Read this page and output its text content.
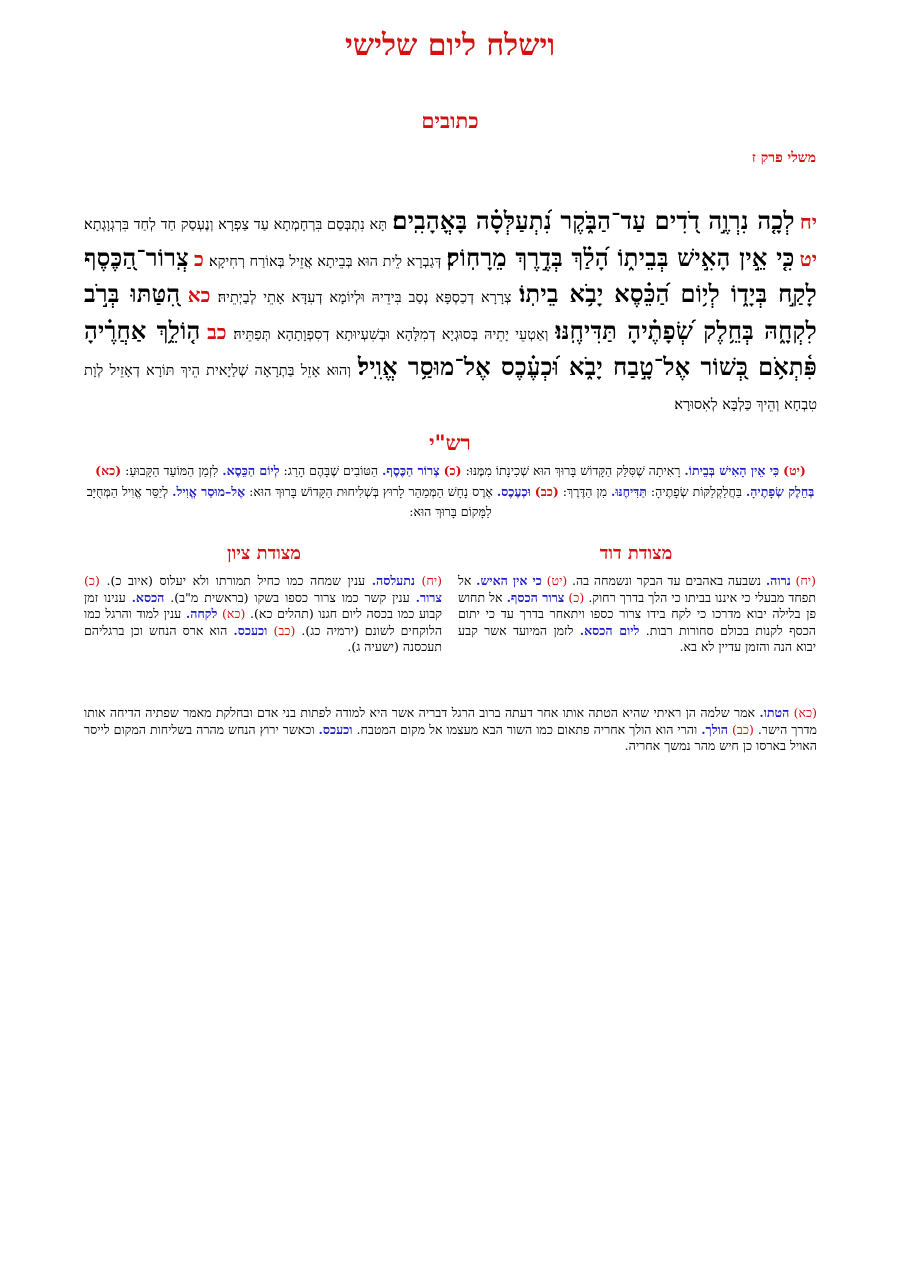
וישלח ליום שלישי
כתובים
משלי פרק ז
יח לְכָ֤ה נִרְוֶ֣ה דֹ֭דִים עַד־הַבֹּ֑קֶר נִ֝תְעַלְּסָ֗ה בָּאֳהָבִֽים׃ תָּא נִתְבְּסַם בִּרְחָמְתָא עַד צַפְרָא וְנֶעְסַק חַד לְחַד בִּרְגְוָגְתָא׃ יט כִּ֤י אֵ֣ין הָאִ֣ישׁ בְּבֵית֑וֹ הָ֝לַ֗ךְ בְּדֶ֣רֶךְ מֵרָחֽוֹק׃ דְּגַבְרָא לֵית הוּא בְּבֵיתָא אֲזֵיל בְּאוֹרַח רְחִיקָא׃ כ צְֽרוֹר־הַ֭כֶּסֶף לָקַ֣ח בְּיָד֑וֹ לְי֥וֹם הַ֝כֵּ֗סֶא יָבֹ֥א בֵיתֽוֹ׃ צְרָרָא דְכַסְפָּא נְסַב בִּידֵיהּ וּלְיוֹמָא דְעִדָּא אָתֵי לְבַיְתֵיהּ׃ כא הִ֭טַּתּוּ בְּרֹ֣ב לִקְחָ֑הּ בְּחֵ֥לֶק שְׂ֝פָתֶ֗יהָ תַּדִּיחֶֽנּוּ׃ וְאַטְעֵי יָתֵיהּ בְּסוּגְיָא דְמִלָּהָא וּבְשִׁעְיוּתָא דְסִפְוָתָהָא תְּפַתֵּיהּ׃ כב ה֤וֹלֵ֥ךְ אַחֲרֶ֗יהָ פִּ֫תְאֹ֥ם כְּ֭שׁוֹר אֶל־טָ֣בַח יָבֹ֑א וּ֝כְעֶ֗כֶס אֶל־מוּסַ֥ר אֱוִֽיל׃ וְהוּא אָזֵל בַּתְרָאָה שְׁלַיָאית הֵיךְ תּוֹרָא דְאָזֵיל לְוָת טִבְחָא וְהֵיךְ כַּלְבָּא לְאִסוּרָא׃
רש"י
(יט) כִּי אֵין הָאִישׁ בְּבֵיתוֹ. רָאִיתָה שֶׁסִּלֵּק הַקָּדוֹשׁ בָּרוּךְ הוּא שְׁכִינָתוֹ מִמֶּנּוּ: (כ) צְרוֹר הַכֶּסֶף. הַטּוֹבִים שֶׁבָּהֶם הָרַג: לְיוֹם הַכֵּסֶא. לִזְמַן הַמּוֹעֵד הַקָּבוּעַ: (כא) בְּחֵלֶק שְׂפָתֶיהָ. בַּחֲלַקְלַקּוֹת שְׂפָתֶיהָ: תַּדִּיחֶנּוּ. מִן הַדֶּרֶךְ: (כב) וּכְעֶכֶס. אֶרֶס נָחָשׁ הַמְּמַהֵר לָרוּץ בְּשְׁלִיחוּת הַקָּדוֹשׁ בָּרוּךְ הוּא: אֶל–מוּסַר אֱוִיל. לְיַסֵּר אֱוִיל הַמְּחֻיָּב לַמָּקוֹם בָּרוּךְ הוּא:
מצודת דוד
מצודת ציון
(יח) נרוה. נשבעה באהבים עד הבקר ונשמחה בה. (יט) כי אין האיש. אל תפחד מבעלי כי איננו בביתו כי הלך בדרך רחוק. (כ) צרור הכסף. אל תחוש פן בלילה יבוא מדרכו כי לקח בידו צרור כספו ויתאחר בדרך עד כי יתום הכסף לקנות בכולם סחורות רבות. ליום הכסא. לזמן המיועד אשר קבע יבוא הנה והזמן עדיין לא בא.
(יח) נתעלסה. ענין שמחה כמו כחיל תמורתו ולא יעלוס (איוב כ). (כ) צרור. ענין קשר כמו צרור כספו בשקו (בראשית מ"ב). הכסא. ענינו זמן קבוע כמו בכסה ליום חגנו (תהלים כא). (כא) לקחה. ענין למוד והרגל כמו הלוקחים לשונם (ירמיה כג). (כב) וכעכס. הוא ארס הנחש וכן ברגליהם תעכסנה (ישעיה ג).
(כא) הטתו. אמר שלמה הן ראיתי שהיא הטתה אותו אחר דעתה ברוב הרגל דבריה אשר היא למודה לפתות בני אדם ובחלקת מאמר שפתיה הדיחה אותו מדרך הישר. (כב) הולך. והרי הוא הולך אחריה פתאום כמו השור הבא מעצמו אל מקום המטבח. וכעכס. וכאשר ירוץ הנחש מהרה בשליחות המקום לייסר האויל בארסו כן חיש מהר נמשך אחריה.
